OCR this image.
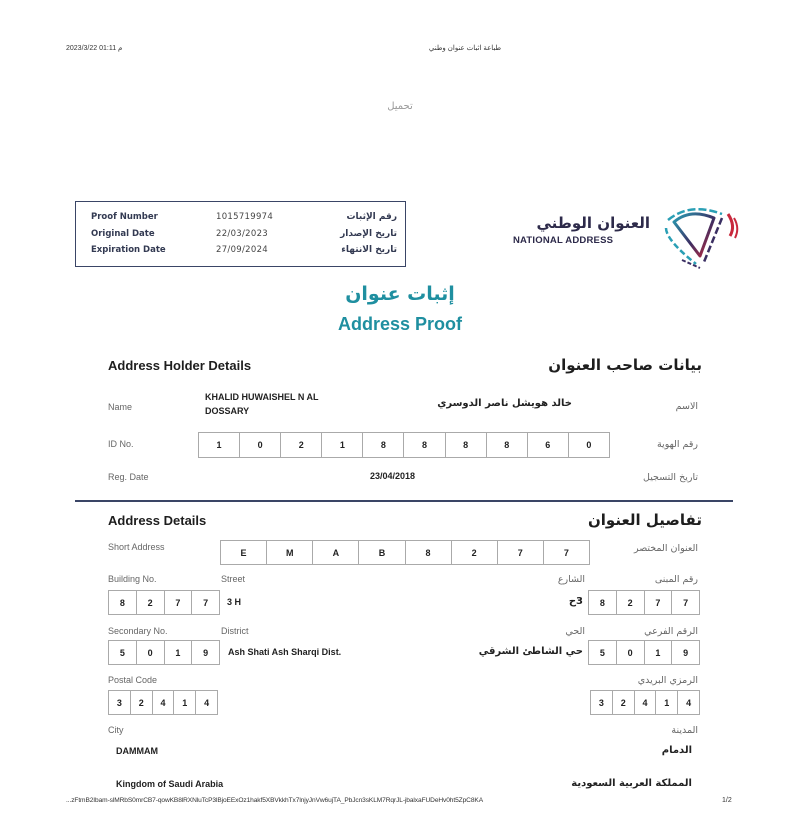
2023/3/22 01:11 م	طباعة اثبات عنوان وطني
تحميل
Proof Number	1015719974	رقم الإثبات
Original Date	22/03/2023	تاريخ الإصدار
Expiration Date	27/09/2024	تاريخ الانتهاء
العنوان الوطني
NATIONAL ADDRESS
إثبات عنوان
Address Proof
Address Holder Details	بيانات صاحب العنوان
Name
KHALID HUWAISHEL N AL
DOSSARY
خالد هويشل ناصر الدوسري	الاسم
ID No.	1	0	2	1	8	8	8	8	6	0	رقم الهوية
Reg. Date	23/04/2018	تاريخ التسجيل
Address Details	تفاصيل العنوان
Short Address
E	M	A	B	8	2	7	7	العنوان المختصر
Building No.	Street	الشارع	رقم المبنى
8	2	7	7	3 H	3ح	8	2	7	7
Secondary No.	District	الحي	الرقم الفرعي
5	0	1	9	Ash Shati Ash Sharqi Dist.	حي الشاطئ الشرقي	5	0	1	9
Postal Code	الرمزي البريدي
3	2	4	1	4	3	2	4	1	4
City	المدينة
DAMMAM	الدمام
Kingdom of Saudi Arabia	المملكة العربية السعودية
...zFtmB2Ibam-slMRbS0mrCB7-qowKB8lRXNluTcP3lBjoEExOz1hakf5XBVkkhTx7lnjyJnVw6ujTA_PbJcn3sKLM7RqrJL-jbalxaFUDeHv0ht5ZpC8KA	1/2
